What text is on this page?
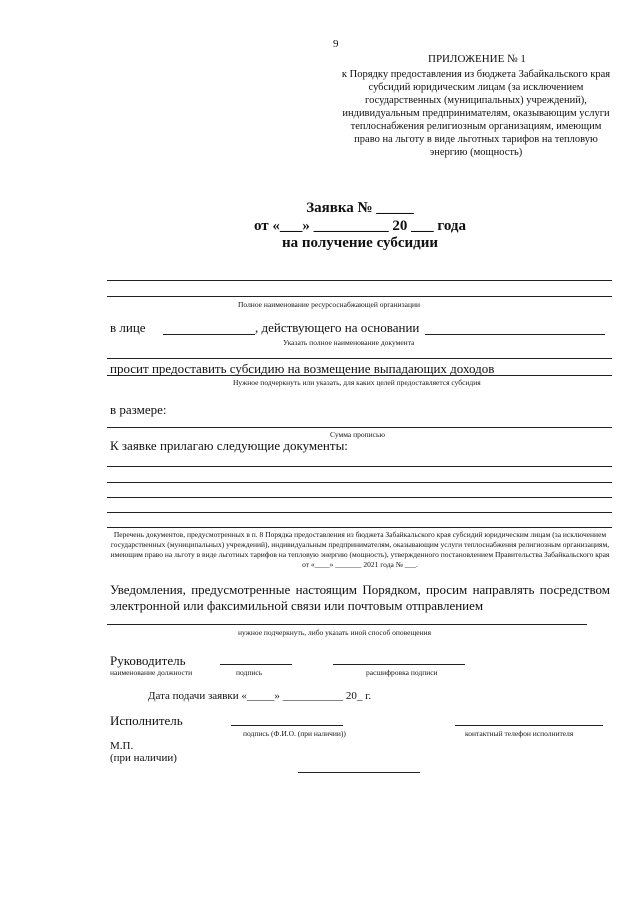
9
ПРИЛОЖЕНИЕ № 1
к Порядку предоставления из бюджета Забайкальского края субсидий юридическим лицам (за исключением государственных (муниципальных) учреждений), индивидуальным предпринимателям, оказывающим услуги теплоснабжения религиозным организациям, имеющим право на льготу в виде льготных тарифов на тепловую энергию (мощность)
Заявка № _____
от «___» __________ 20 ___ года
на получение субсидии
Полное наименование ресурсоснабжающей организации
в лице	, действующего на основании
Указать полное наименование документа
просит предоставить субсидию на возмещение выпадающих доходов
Нужное подчеркнуть или указать, для каких целей предоставляется субсидия
в размере:
Сумма прописью
К заявке прилагаю следующие документы:
Перечень документов, предусмотренных в п. 8 Порядка предоставления из бюджета Забайкальского края субсидий юридическим лицам (за исключением государственных (муниципальных) учреждений), индивидуальным предпринимателям, оказывающим услуги теплоснабжения религиозным организациям, имеющим право на льготу в виде льготных тарифов на тепловую энергию (мощность), утвержденного постановлением Правительства Забайкальского края от «____» _______ 2021 года № ___.
Уведомления, предусмотренные настоящим Порядком, просим направлять посредством электронной или факсимильной связи или почтовым отправлением
нужное подчеркнуть, либо указать иной способ оповещения
Руководитель
наименование должности	подпись	расшифровка подписи
Дата подачи заявки «_____» ___________ 20_ г.
Исполнитель
подпись (Ф.И.О. (при наличии))	контактный телефон исполнителя
М.П.
(при наличии)
